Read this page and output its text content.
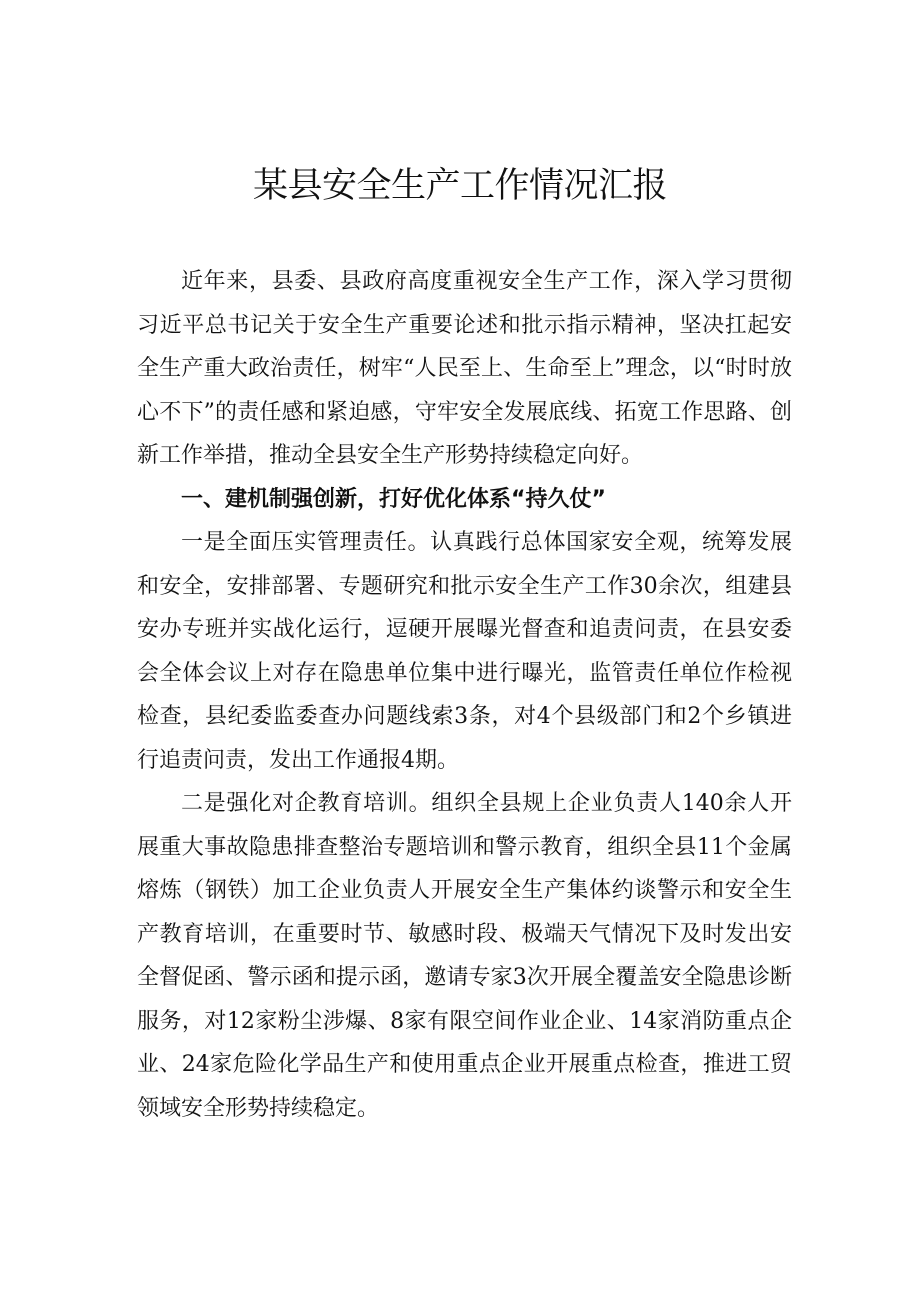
某县安全生产工作情况汇报

近年来，县委、县政府高度重视安全生产工作，深入学习贯彻习近平总书记关于安全生产重要论述和批示指示精神，坚决扛起安全生产重大政治责任，树牢“人民至上、生命至上”理念，以“时时放心不下”的责任感和紧迫感，守牢安全发展底线、拓宽工作思路、创新工作举措，推动全县安全生产形势持续稳定向好。

一、建机制强创新，打好优化体系“持久仗”

一是全面压实管理责任。认真践行总体国家安全观，统筹发展和安全，安排部署、专题研究和批示安全生产工作30余次，组建县安办专班并实战化运行，逗硬开展曝光督查和追责问责，在县安委会全体会议上对存在隐患单位集中进行曝光，监管责任单位作检视检查，县纪委监委查办问题线索3条，对4个县级部门和2个乡镇进行追责问责，发出工作通报4期。

二是强化对企教育培训。组织全县规上企业负责人140余人开展重大事故隐患排查整治专题培训和警示教育，组织全县11个金属熔炼（钢铁）加工企业负责人开展安全生产集体约谈警示和安全生产教育培训，在重要时节、敏感时段、极端天气情况下及时发出安全督促函、警示函和提示函，邀请专家3次开展全覆盖安全隐患诊断服务，对12家粉尘涉爆、8家有限空间作业企业、14家消防重点企业、24家危险化学品生产和使用重点企业开展重点检查，推进工贸领域安全形势持续稳定。
